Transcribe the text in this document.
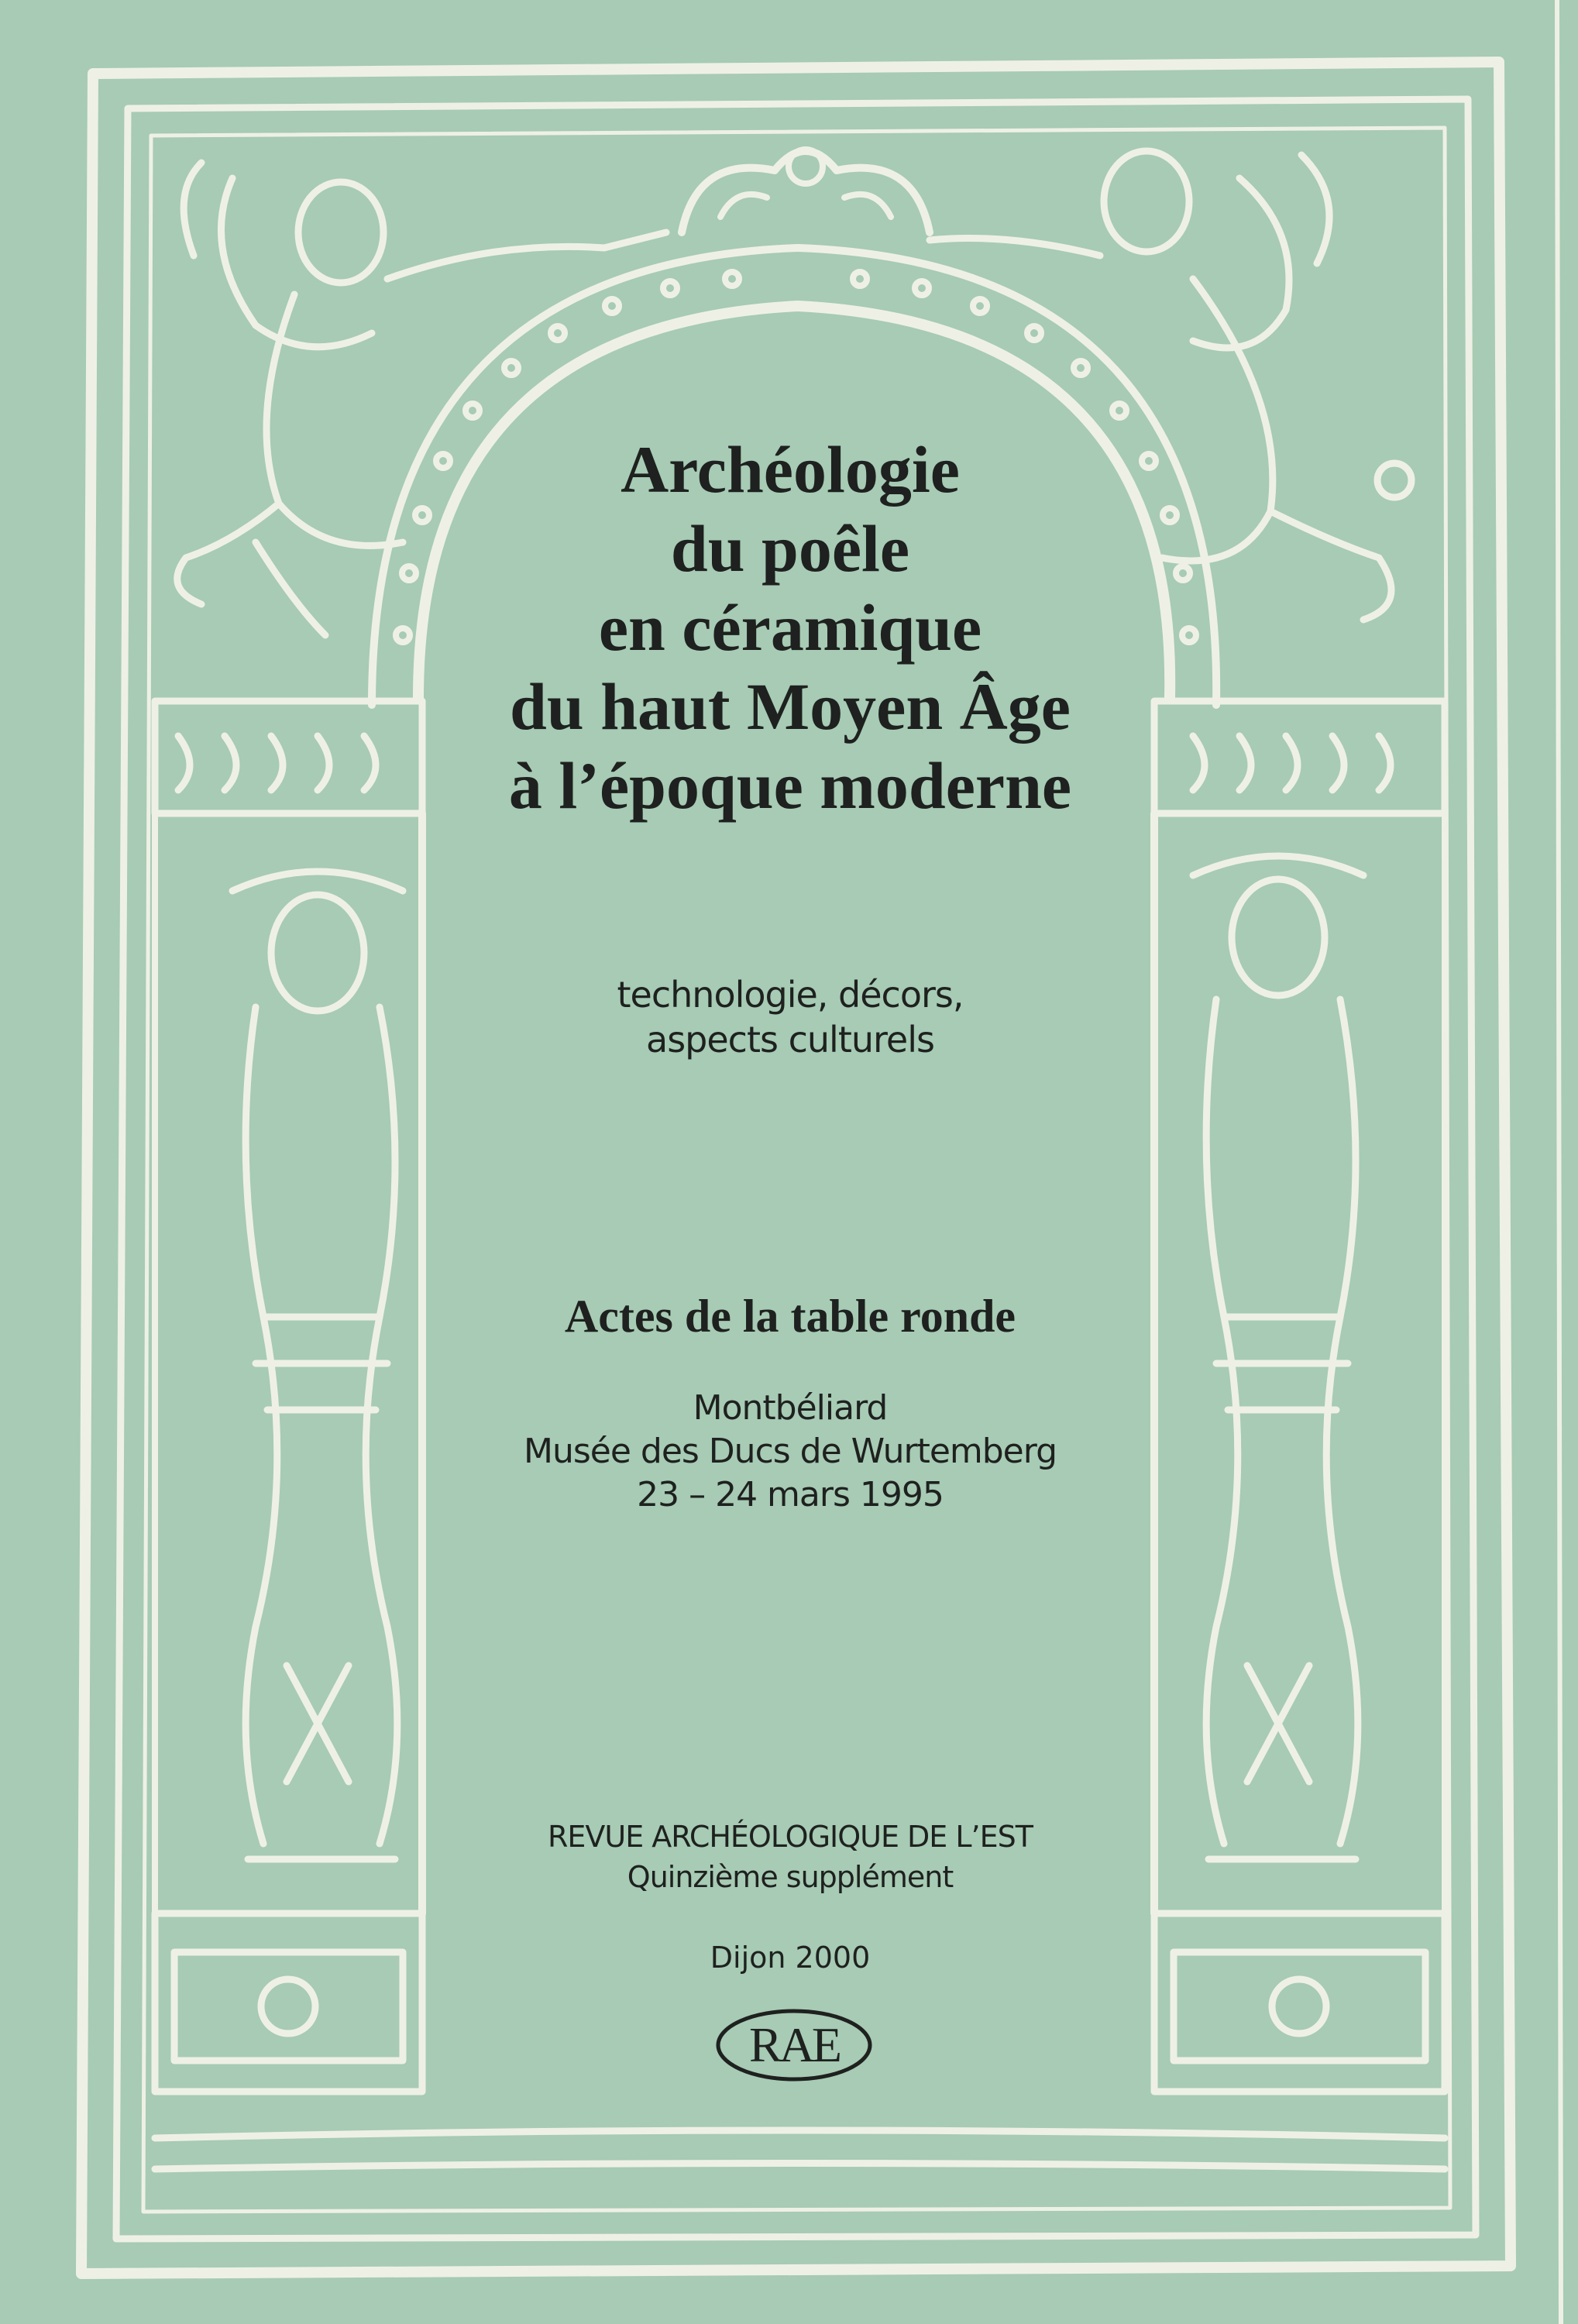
Archéologie
du poêle
en céramique
du haut Moyen Âge
à l’époque moderne
technologie, décors,
aspects culturels
Actes de la table ronde
Montbéliard
Musée des Ducs de Wurtemberg
23 – 24 mars 1995
REVUE ARCHÉOLOGIQUE DE L’EST
Quinzième supplément
Dijon 2000
RAE
